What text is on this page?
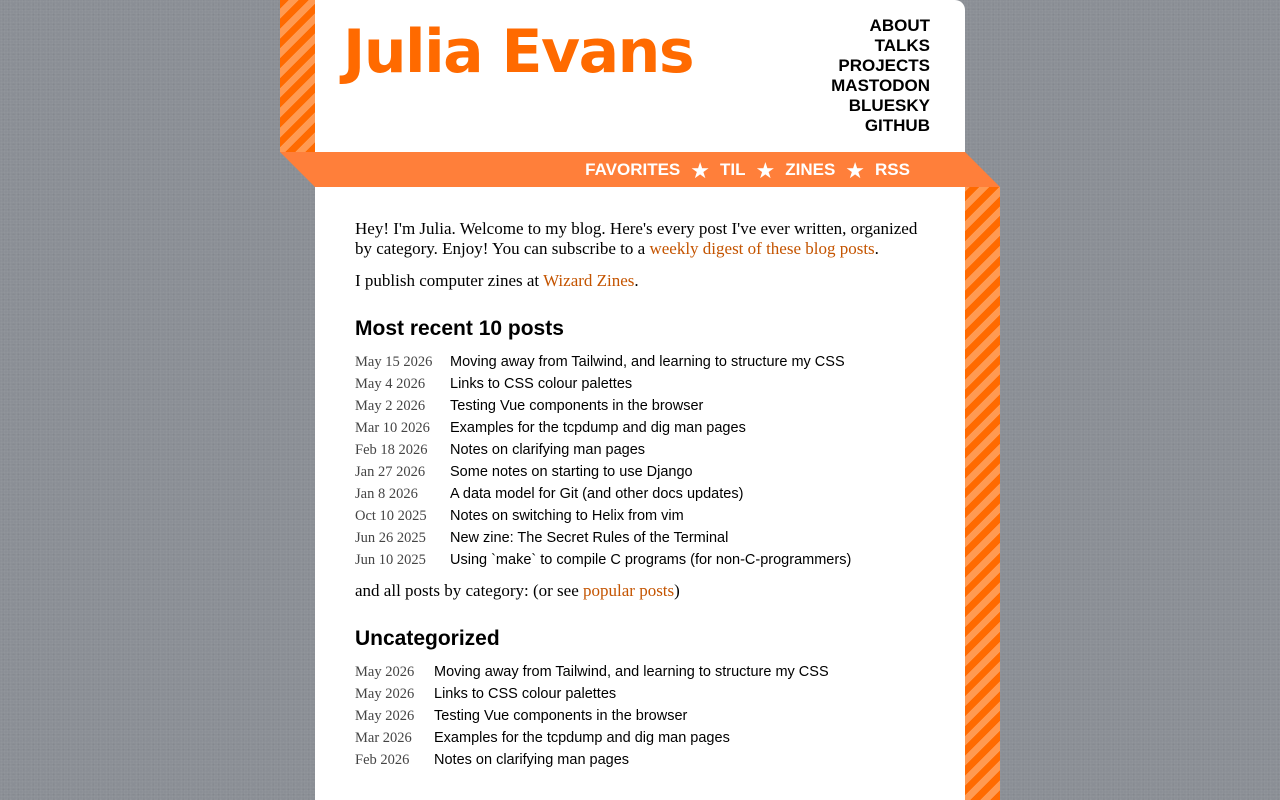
Julia Evans	ABOUT
TALKS
PROJECTS
MASTODON
BLUESKY
GITHUB
FAVORITES ★ TIL ★ ZINES ★ RSS

Hey! I'm Julia. Welcome to my blog. Here's every post I've ever written, organized by category. Enjoy! You can subscribe to a weekly digest of these blog posts.

I publish computer zines at Wizard Zines.

Most recent 10 posts
May 15 2026	Moving away from Tailwind, and learning to structure my CSS
May 4 2026	Links to CSS colour palettes
May 2 2026	Testing Vue components in the browser
Mar 10 2026	Examples for the tcpdump and dig man pages
Feb 18 2026	Notes on clarifying man pages
Jan 27 2026	Some notes on starting to use Django
Jan 8 2026	A data model for Git (and other docs updates)
Oct 10 2025	Notes on switching to Helix from vim
Jun 26 2025	New zine: The Secret Rules of the Terminal
Jun 10 2025	Using `make` to compile C programs (for non-C-programmers)

and all posts by category: (or see popular posts)

Uncategorized
May 2026	Moving away from Tailwind, and learning to structure my CSS
May 2026	Links to CSS colour palettes
May 2026	Testing Vue components in the browser
Mar 2026	Examples for the tcpdump and dig man pages
Feb 2026	Notes on clarifying man pages
